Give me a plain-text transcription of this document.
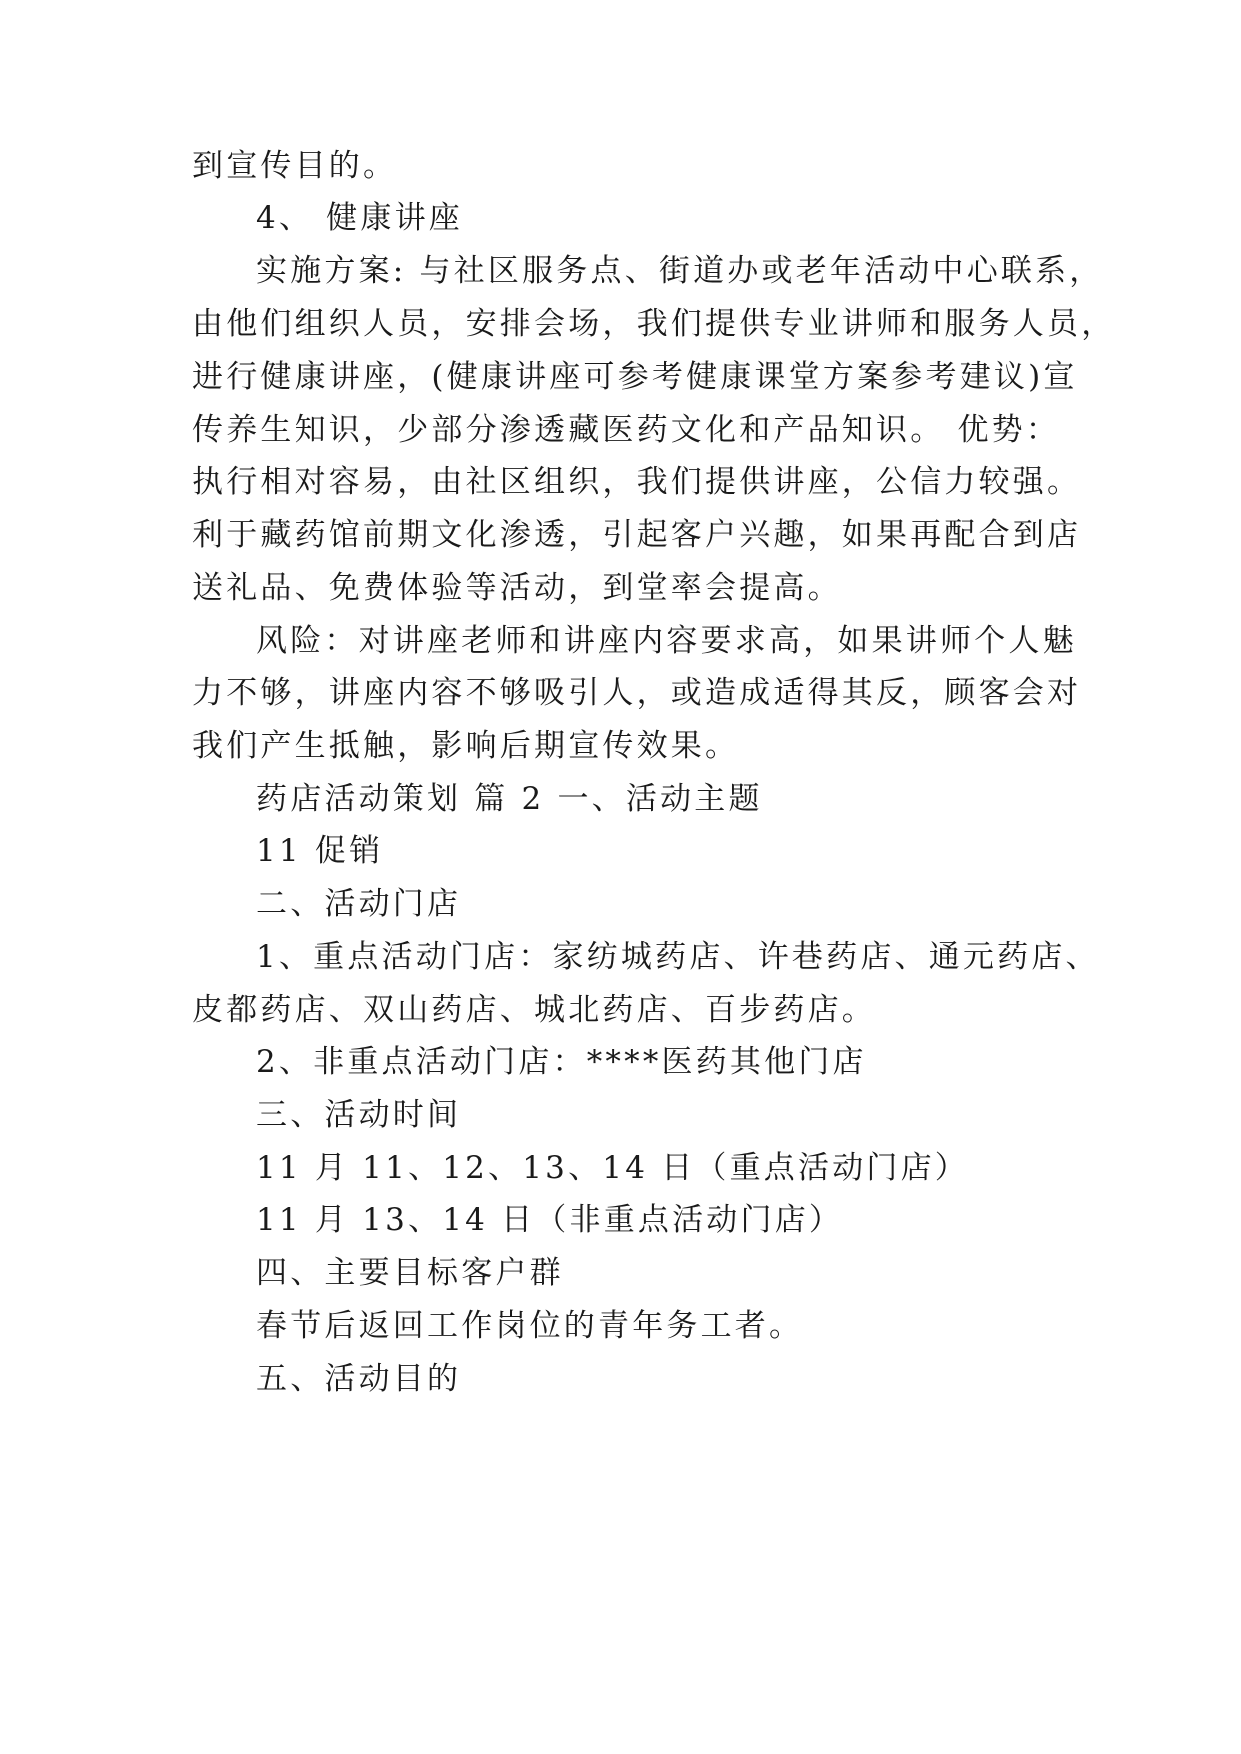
到宣传目的。
4、 健康讲座
实施方案: 与社区服务点、街道办或老年活动中心联系，
由他们组织人员，安排会场，我们提供专业讲师和服务人员，
进行健康讲座，(健康讲座可参考健康课堂方案参考建议)宣
传养生知识，少部分渗透藏医药文化和产品知识。 优势：
执行相对容易，由社区组织，我们提供讲座，公信力较强。
利于藏药馆前期文化渗透，引起客户兴趣，如果再配合到店
送礼品、免费体验等活动，到堂率会提高。
风险：对讲座老师和讲座内容要求高，如果讲师个人魅
力不够，讲座内容不够吸引人，或造成适得其反，顾客会对
我们产生抵触，影响后期宣传效果。
药店活动策划 篇 2 一、活动主题
11 促销
二、活动门店
1、重点活动门店：家纺城药店、许巷药店、通元药店、
皮都药店、双山药店、城北药店、百步药店。
2、非重点活动门店：****医药其他门店
三、活动时间
11 月 11、12、13、14 日（重点活动门店）
11 月 13、14 日（非重点活动门店）
四、主要目标客户群
春节后返回工作岗位的青年务工者。
五、活动目的
